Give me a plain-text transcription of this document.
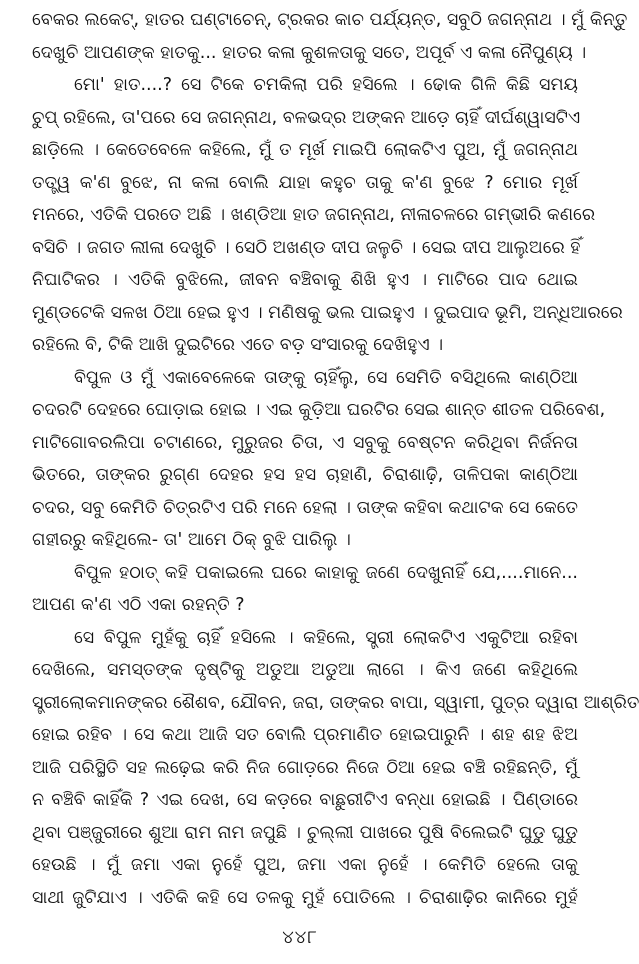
ବେକର ଲକେଟ୍, ହାତର ଘଣ୍ଟାଚେନ୍, ଟ୍ରକର କାଚ ପର୍ଯ୍ୟନ୍ତ, ସବୁଠି ଜଗନ୍ନାଥ । ମୁଁ କିନ୍ତୁ
ଦେଖୁଚି ଆପଣଙ୍କ ହାତକୁ... ହାତର କଳା କୁଶଳତାକୁ ସତେ, ଅପୂର୍ବ ଏ କଳା ନୈପୁଣ୍ୟ ।
ମୋ' ହାତ....? ସେ ଟିକେ ଚମକିଲା ପରି ହସିଲେ । ଢୋକ ଗିଳି କିଛି ସମୟ
ଚୁପ୍ ରହିଲେ, ତା'ପରେ ସେ ଜଗନ୍ନାଥ, ବଳଭଦ୍ର ଅଙ୍କନ ଆଡ଼େ ଚାହିଁ ଦୀର୍ଘଶ୍ୱାସଟିଏ
ଛାଡ଼ିଲେ । କେତେବେଳେ କହିଲେ, ମୁଁ ତ ମୂର୍ଖ ମାଇପି ଲୋକଟିଏ ପୁଅ, ମୁଁ ଜଗନ୍ନାଥ
ତତ୍ତ୍ୱ କ'ଣ ବୁଝେ, ନା କଳା ବୋଲି ଯାହା କହୁଚ ତାକୁ କ'ଣ ବୁଝେ ? ମୋର ମୂର୍ଖ
ମନରେ, ଏତିକି ପରତେ ଅଛି । ଖଣ୍ଡିଆ ହାତ ଜଗନ୍ନାଥ, ନୀଳାଚଳରେ ଗମ୍ଭୀରି କଣରେ
ବସିଚି । ଜଗତ ଲୀଳା ଦେଖୁଚି । ସେଠି ଅଖଣ୍ଡ ଦୀପ ଜଳୁଚି । ସେଇ ଦୀପ ଆଲୁଅରେ ହିଁ
ନିଘାଟିକର । ଏତିକି ବୁଝିଲେ, ଜୀବନ ବଞ୍ଚିବାକୁ ଶିଖି ହୁଏ । ମାଟିରେ ପାଦ ଥୋଇ
ମୁଣ୍ଡଟେକି ସଳଖ ଠିଆ ହେଇ ହୁଏ । ମଣିଷକୁ ଭଲ ପାଇହୁଏ । ଦୁଇପାଦ ଭୂମି, ଅନ୍ଧିଆରରେ
ରହିଲେ ବି, ଟିକି ଆଖି ଦୁଇଟିରେ ଏତେ ବଡ଼ ସଂସାରକୁ ଦେଖିହୁଏ ।
ବିପୁଳ ଓ ମୁଁ ଏକାବେଳେକେ ତାଙ୍କୁ ଚାହିଁଲୁ, ସେ ସେମିତି ବସିଥିଲେ କାଣ୍ଠିଆ
ଚଦରଟି ଦେହରେ ଘୋଡ଼ାଇ ହୋଇ । ଏଇ କୁଡ଼ିଆ ଘରଟିର ସେଇ ଶାନ୍ତ ଶୀତଳ ପରିବେଶ,
ମାଟିଗୋବରଲିପା ଚଟାଣରେ, ମୁରୁଜର ଚିତା, ଏ ସବୁକୁ ବେଷ୍ଟନ କରିଥିବା ନିର୍ଜନତା
ଭିତରେ, ତାଙ୍କର ରୁଗ୍ଣ ଦେହର ହସ ହସ ଚାହାଣି, ଚିରାଶାଢ଼ି, ତାଳିପକା କାଣ୍ଠିଆ
ଚଦର, ସବୁ କେମିତି ଚିତ୍ରଟିଏ ପରି ମନେ ହେଲା । ତାଙ୍କ କହିବା କଥାଟକ ସେ କେତେ
ଗହୀରରୁ କହିଥିଲେ- ତା' ଆମେ ଠିକ୍ ବୁଝି ପାରିଲୁ ।
ବିପୁଳ ହଠାତ୍ କହି ପକାଇଲେ ଘରେ କାହାକୁ ଜଣେ ଦେଖୁନାହିଁ ଯେ,....ମାନେ...
ଆପଣ କ'ଣ ଏଠି ଏକା ରହନ୍ତି ?
ସେ ବିପୁଳ ମୁହଁକୁ ଚାହିଁ ହସିଲେ । କହିଲେ, ସ୍ତ୍ରୀ ଲୋକଟିଏ ଏକୁଟିଆ ରହିବା
ଦେଖିଲେ, ସମସ୍ତଙ୍କ ଦୃଷ୍ଟିକୁ ଅଡୁଆ ଅଡୁଆ ଲାଗେ । କିଏ ଜଣେ କହିଥିଲେ
ସ୍ତ୍ରୀଲୋକମାନଙ୍କର ଶୈଶବ, ଯୌବନ, ଜରା, ତାଙ୍କର ବାପା, ସ୍ୱାମୀ, ପୁତ୍ର ଦ୍ୱାରା ଆଶ୍ରିତ
ହୋଇ ରହିବ । ସେ କଥା ଆଜି ସତ ବୋଲି ପ୍ରମାଣିତ ହୋଇପାରୁନି । ଶହ ଶହ ଝିଅ
ଆଜି ପରିସ୍ଥିତି ସହ ଲଢ଼େଇ କରି ନିଜ ଗୋଡ଼ରେ ନିଜେ ଠିଆ ହେଇ ବଞ୍ଚି ରହିଛନ୍ତି, ମୁଁ
ନ ବଞ୍ଚିବି କାହିଁକି ? ଏଇ ଦେଖ, ସେ କଡ଼ରେ ବାଛୁରୀଟିଏ ବନ୍ଧା ହୋଇଛି । ପିଣ୍ଡାରେ
ଥିବା ପଞ୍ଜୁରୀରେ ଶୁଆ ରାମ ନାମ ଜପୁଛି । ଚୁଲ୍ଲୀ ପାଖରେ ପୁଷି ବିଲେଇଟି ଘୁଡୁ ଘୁଡୁ
ହେଉଛି । ମୁଁ ଜମା ଏକା ନୁହେଁ ପୁଅ, ଜମା ଏକା ନୁହେଁ । କେମିତି ହେଲେ ତାକୁ
ସାଥୀ ଜୁଟିଯାଏ । ଏତିକି କହି ସେ ତଳକୁ ମୁହଁ ପୋତିଲେ । ଚିରାଶାଢ଼ିର କାନିରେ ମୁହଁ
୪୪୮
